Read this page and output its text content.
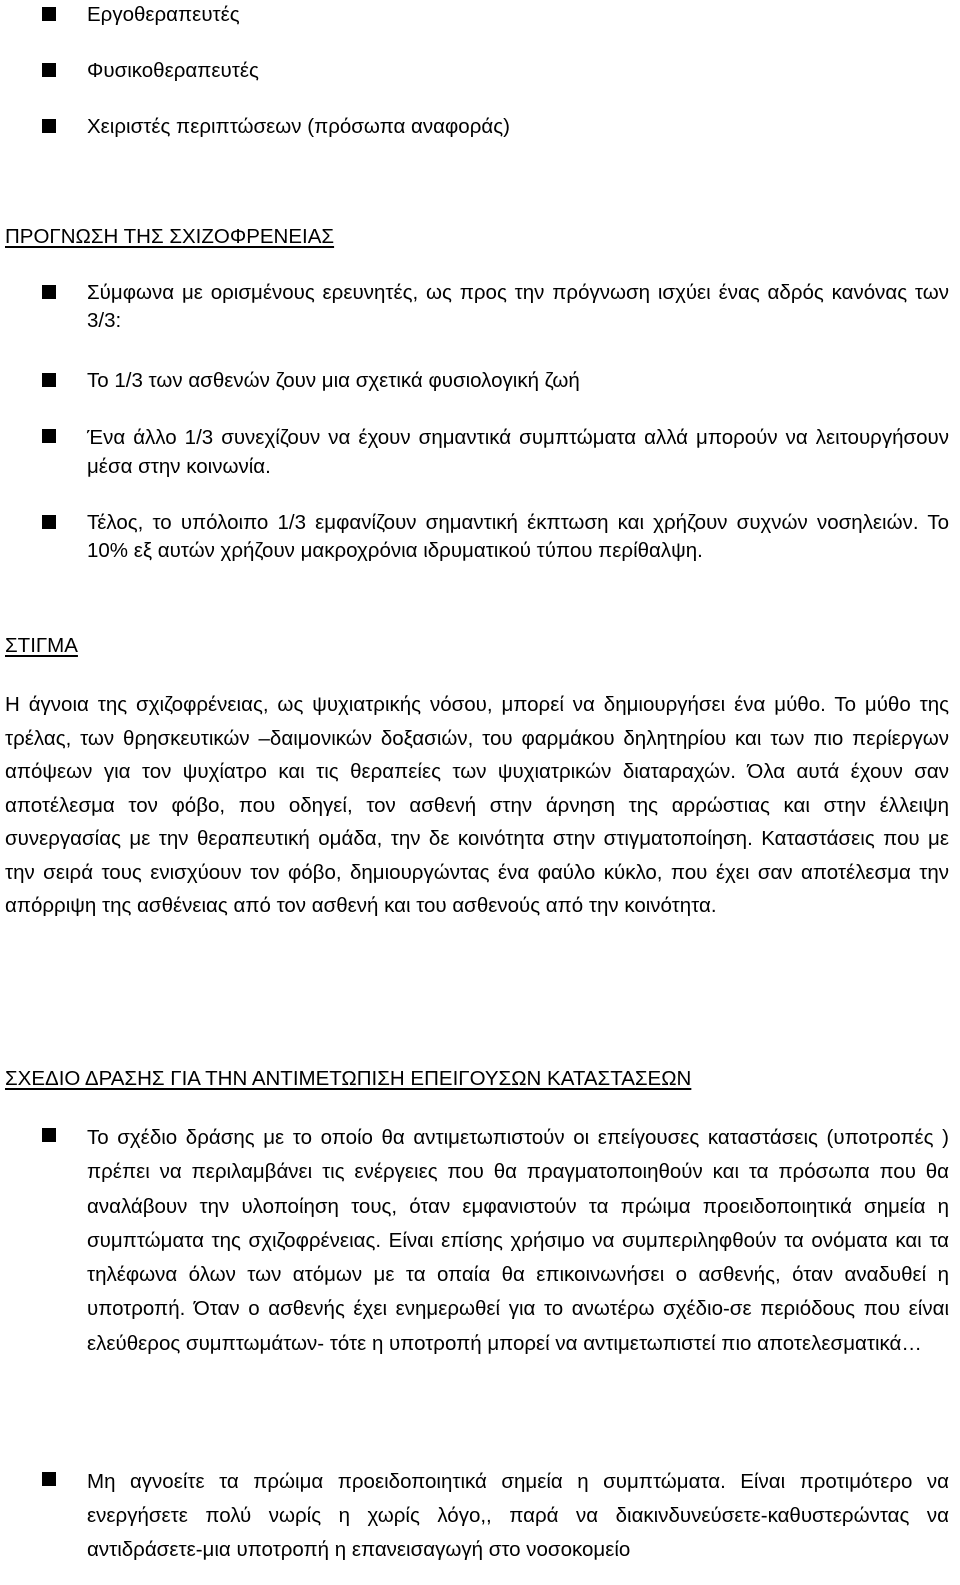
Εργοθεραπευτές
Φυσικοθεραπευτές
Χειριστές περιπτώσεων (πρόσωπα αναφοράς)
ΠΡΟΓΝΩΣΗ ΤΗΣ ΣΧΙΖΟΦΡΕΝΕΙΑΣ
Σύμφωνα με ορισμένους ερευνητές, ως προς την πρόγνωση ισχύει ένας αδρός κανόνας των 3/3:
Το 1/3 των ασθενών ζουν μια σχετικά φυσιολογική ζωή
Ένα άλλο 1/3 συνεχίζουν να έχουν σημαντικά συμπτώματα αλλά μπορούν να λειτουργήσουν μέσα στην κοινωνία.
Τέλος, το υπόλοιπο 1/3 εμφανίζουν σημαντική έκπτωση και χρήζουν συχνών νοσηλειών. Το 10% εξ αυτών χρήζουν μακροχρόνια ιδρυματικού τύπου περίθαλψη.
ΣΤΙΓΜΑ
Η άγνοια της σχιζοφρένειας, ως ψυχιατρικής νόσου, μπορεί να δημιουργήσει ένα μύθο. Το μύθο της τρέλας, των θρησκευτικών –δαιμονικών δοξασιών, του φαρμάκου δηλητηρίου και των πιο περίεργων απόψεων για τον ψυχίατρο και τις θεραπείες των ψυχιατρικών διαταραχών. Όλα αυτά έχουν σαν αποτέλεσμα τον φόβο, που οδηγεί, τον ασθενή στην άρνηση της αρρώστιας και στην έλλειψη συνεργασίας με την θεραπευτική ομάδα, την δε κοινότητα στην στιγματοποίηση. Καταστάσεις που με την σειρά τους ενισχύουν τον φόβο, δημιουργώντας ένα φαύλο κύκλο, που έχει σαν αποτέλεσμα την απόρριψη της ασθένειας από τον ασθενή και του ασθενούς από την κοινότητα.
ΣΧΕΔΙΟ ΔΡΑΣΗΣ ΓΙΑ ΤΗΝ ΑΝΤΙΜΕΤΩΠΙΣΗ ΕΠΕΙΓΟΥΣΩΝ ΚΑΤΑΣΤΑΣΕΩΝ
Το σχέδιο δράσης με το οποίο θα αντιμετωπιστούν οι επείγουσες καταστάσεις (υποτροπές ) πρέπει να περιλαμβάνει τις ενέργειες που θα πραγματοποιηθούν και τα πρόσωπα που θα αναλάβουν την υλοποίηση τους, όταν εμφανιστούν τα πρώιμα προειδοποιητικά σημεία η συμπτώματα της σχιζοφρένειας. Είναι επίσης χρήσιμο να συμπεριληφθούν τα ονόματα και τα τηλέφωνα όλων των ατόμων με τα οπαία θα επικοινωνήσει ο ασθενής, όταν αναδυθεί η υποτροπή. Όταν ο ασθενής έχει ενημερωθεί για το ανωτέρω σχέδιο-σε περιόδους που είναι ελεύθερος συμπτωμάτων- τότε η υποτροπή μπορεί να αντιμετωπιστεί πιο αποτελεσματικά…
Μη αγνοείτε τα πρώιμα προειδοποιητικά σημεία η συμπτώματα. Είναι προτιμότερο να ενεργήσετε πολύ νωρίς η χωρίς λόγο,, παρά να διακινδυνεύσετε-καθυστερώντας να αντιδράσετε-μια υποτροπή η επανεισαγωγή στο νοσοκομείο
